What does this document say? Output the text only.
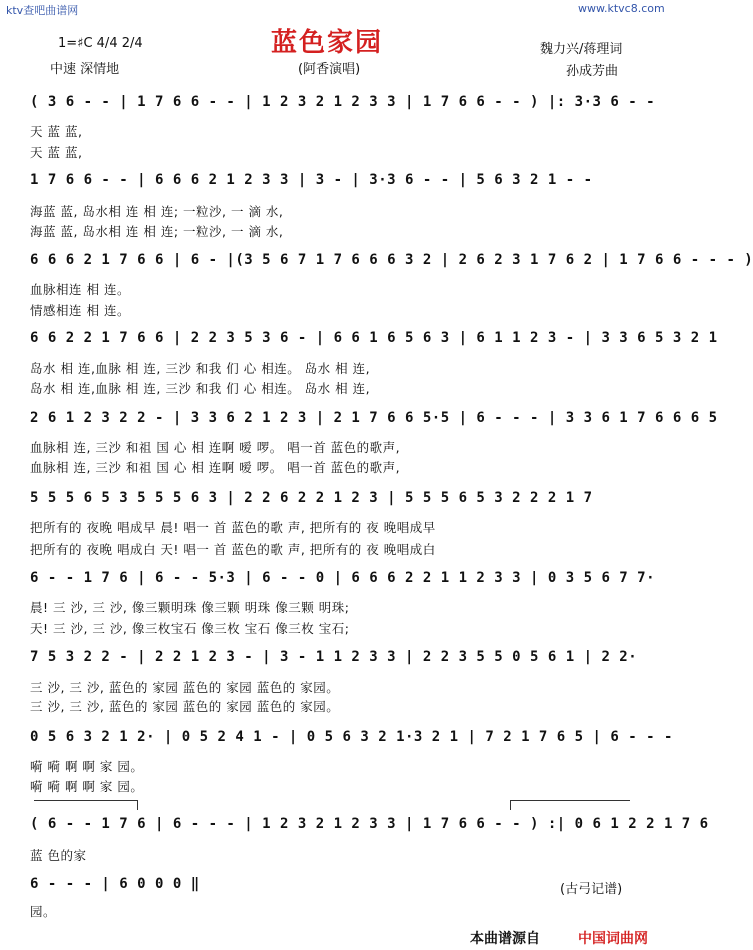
ktv查吧曲谱网	www.ktvc8.com
蓝色家园
1=♯C 4/4 2/4
中速 深情地	(阿香演唱)
魏力兴/蒋理词
孙成芳曲
( 3 6 - - | 1 7 6 6 - - | 1 2 3 2 1 2 3 3 | 1 7 6 6 - - ) |: 3·3 6 - -
天 蓝 蓝,
天 蓝 蓝,
1 7 6 6 - - | 6 6 6 2 1 2 3 3 | 3 - | 3·3 6 - - | 5 6 3 2 1 - -
海蓝 蓝, 岛水相 连 相 连; 一粒沙, 一 滴 水,
海蓝 蓝, 岛水相 连 相 连; 一粒沙, 一 滴 水,
6 6 6 2 1 7 6 6 | 6 - |(3 5 6 7 1 7 6 6 6 3 2 | 2 6 2 3 1 7 6 2 | 1 7 6 6 - - - )
血脉相连 相 连。
情感相连 相 连。
6 6 2 2 1 7 6 6 | 2 2 3 5 3 6 - | 6 6 1 6 5 6 3 | 6 1 1 2 3 - | 3 3 6 5 3 2 1
岛水 相 连,血脉 相 连, 三沙 和我 们 心 相连。 岛水 相 连,
岛水 相 连,血脉 相 连, 三沙 和我 们 心 相连。 岛水 相 连,
2 6 1 2 3 2 2 - | 3 3 6 2 1 2 3 | 2 1 7 6 6 5·5 | 6 - - - | 3 3 6 1 7 6 6 6 5
血脉相 连, 三沙 和祖 国 心 相 连啊 嗳 啰。 唱一首 蓝色的歌声,
血脉相 连, 三沙 和祖 国 心 相 连啊 嗳 啰。 唱一首 蓝色的歌声,
5 5 5 6 5 3 5 5 5 6 3 | 2 2 6 2 2 1 2 3 | 5 5 5 6 5 3 2 2 2 1 7
把所有的 夜晚 唱成早 晨! 唱一 首 蓝色的歌 声, 把所有的 夜 晚唱成早
把所有的 夜晚 唱成白 天! 唱一 首 蓝色的歌 声, 把所有的 夜 晚唱成白
6 - - 1 7 6 | 6 - - 5·3 | 6 - - 0 | 6 6 6 2 2 1 1 2 3 3 | 0 3 5 6 7 7·
晨! 三 沙, 三 沙, 像三颗明珠 像三颗 明珠 像三颗 明珠;
天! 三 沙, 三 沙, 像三枚宝石 像三枚 宝石 像三枚 宝石;
7 5 3 2 2 - | 2 2 1 2 3 - | 3 - 1 1 2 3 3 | 2 2 3 5 5 0 5 6 1 | 2 2·
三 沙, 三 沙, 蓝色的 家园 蓝色的 家园 蓝色的 家园。
三 沙, 三 沙, 蓝色的 家园 蓝色的 家园 蓝色的 家园。
0 5 6 3 2 1 2· | 0 5 2 4 1 - | 0 5 6 3 2 1·3 2 1 | 7 2 1 7 6 5 | 6 - - -
嗬 嗬 啊 啊 家 园。
嗬 嗬 啊 啊 家 园。
( 6 - - 1 7 6 | 6 - - - | 1 2 3 2 1 2 3 3 | 1 7 6 6 - - ) :| 0 6 1 2 2 1 7 6
蓝 色的家
6 - - - | 6 0 0 0 ‖
园。
(古弓记谱)
本曲谱源自	中国词曲网
